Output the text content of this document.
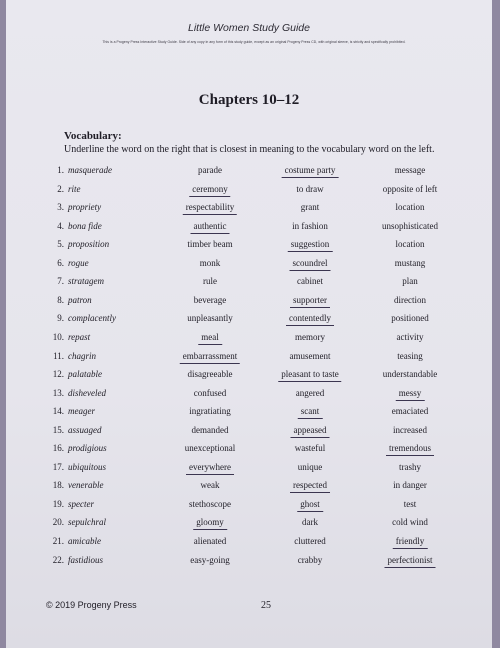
Little Women Study Guide
This is a Progeny Press Interactive Study Guide. Side of any copy in any form of this study guide, except as an original Progeny Press CD, with original sleeve, is strictly and specifically prohibited.
Chapters 10–12
Vocabulary:
Underline the word on the right that is closest in meaning to the vocabulary word on the left.
1. masquerade	parade	costume party	message
2. rite	ceremony	to draw	opposite of left
3. propriety	respectability	grant	location
4. bona fide	authentic	in fashion	unsophisticated
5. proposition	timber beam	suggestion	location
6. rogue	monk	scoundrel	mustang
7. stratagem	rule	cabinet	plan
8. patron	beverage	supporter	direction
9. complacently	unpleasantly	contentedly	positioned
10. repast	meal	memory	activity
11. chagrin	embarrassment	amusement	teasing
12. palatable	disagreeable	pleasant to taste	understandable
13. disheveled	confused	angered	messy
14. meager	ingratiating	scant	emaciated
15. assuaged	demanded	appeased	increased
16. prodigious	unexceptional	wasteful	tremendous
17. ubiquitous	everywhere	unique	trashy
18. venerable	weak	respected	in danger
19. specter	stethoscope	ghost	test
20. sepulchral	gloomy	dark	cold wind
21. amicable	alienated	cluttered	friendly
22. fastidious	easy-going	crabby	perfectionist
© 2019 Progeny Press	25
